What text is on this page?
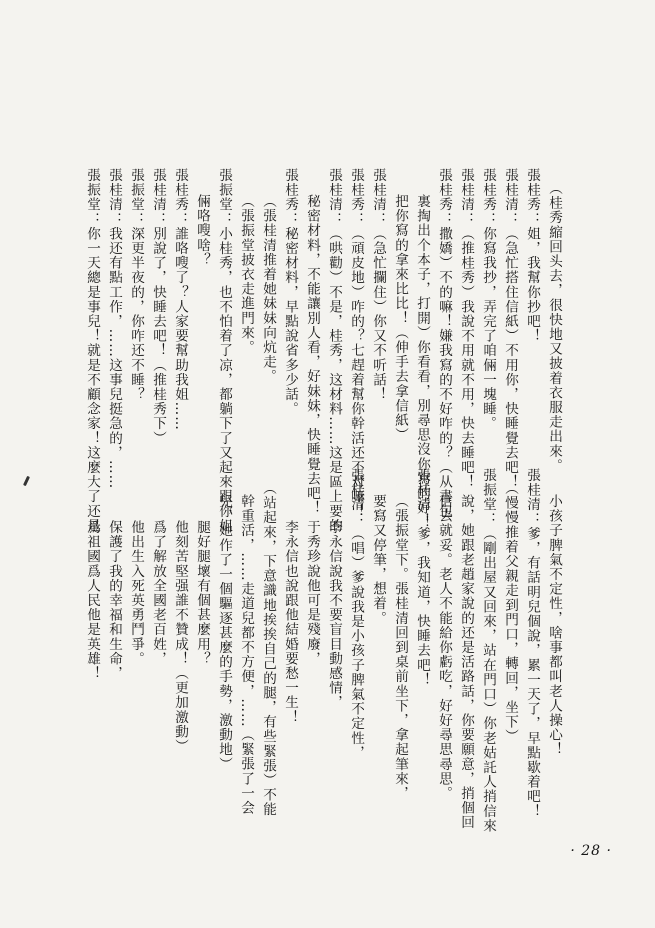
（桂秀縮回头去，很快地又披着衣服走出來。
張桂秀：姐，我幫你抄吧！
張桂清：（急忙搭住信紙）不用你，快睡覺去吧！
張桂秀：你寫我抄，弄完了咱倆一塊睡。
張桂清：（推桂秀）我說不用就不用，快去睡吧！
張桂秀：撒嬌）不的嘛！嫌我寫的不好咋的？（从書包
裏掏出个本子，打開）你看看，別尋思沒你寫的好！
把你寫的拿來比比！（伸手去拿信紙）
張桂清：（急忙攔住）你又不听話！
張桂秀：（頑皮地）咋的？七趕着幫你幹活还不对嘛！
張桂清：（哄勸）不是，桂秀，这材料……这是區上要的
秘密材料，不能讓別人看，好妹妹，快睡覺去吧！
張桂秀：秘密材料，早點說省多少話。
（張桂清推着她妹妹向炕走。
（張振堂披衣走進門來。
張振堂：小桂秀，也不怕着了凉，都躺下了又起來跟你姐
倆咯嗖啥？
張桂秀：誰咯嗖了？人家要幫助我姐……
張桂清：別說了，快睡去吧！（推桂秀下）
張振堂：深更半夜的，你咋还不睡？
張桂清：我还有點工作，……这事兒挺急的，……
張振堂：你一天總是事兒！就是不顧念家！这麼大了还是
小孩子脾氣不定性，啥事都叫老人操心！
張桂清：爹，有話明兒個說，累一天了，早點歇着吧！
（慢慢推着父親走到門口，轉回，坐下）
張振堂：（剛出屋又回來，站在門口）你老姑託人捎信來
說，她跟老趙家說的还是活路話，你要願意，捎個回
信去就妥。老人不能給你虧吃，好好尋思尋思。
張桂清：爹，我知道，快睡去吧！
（張振堂下。張桂清回到桌前坐下，拿起筆來，
要寫又停筆，想着。
張桂清：（唱）爹說我是小孩子脾氣不定性，
李永信說我不要盲目動感情，
于秀珍說他可是殘廢，
李永信也說跟他結婚要愁一生！
（站起來，下意識地挨挨自己的腿，有些緊張）不能
幹重活，……走道兒都不方便，……（緊張了一会
兒，她作了一個驅逐甚麼的手勢，激動地）
腿好腿壞有個甚麼用？
他刻苦堅强誰不贊成！（更加激動）
爲了解放全國老百姓，
他出生入死英勇鬥爭。
保護了我的幸福和生命，
爲祖國爲人民他是英雄！
· 28 ·
